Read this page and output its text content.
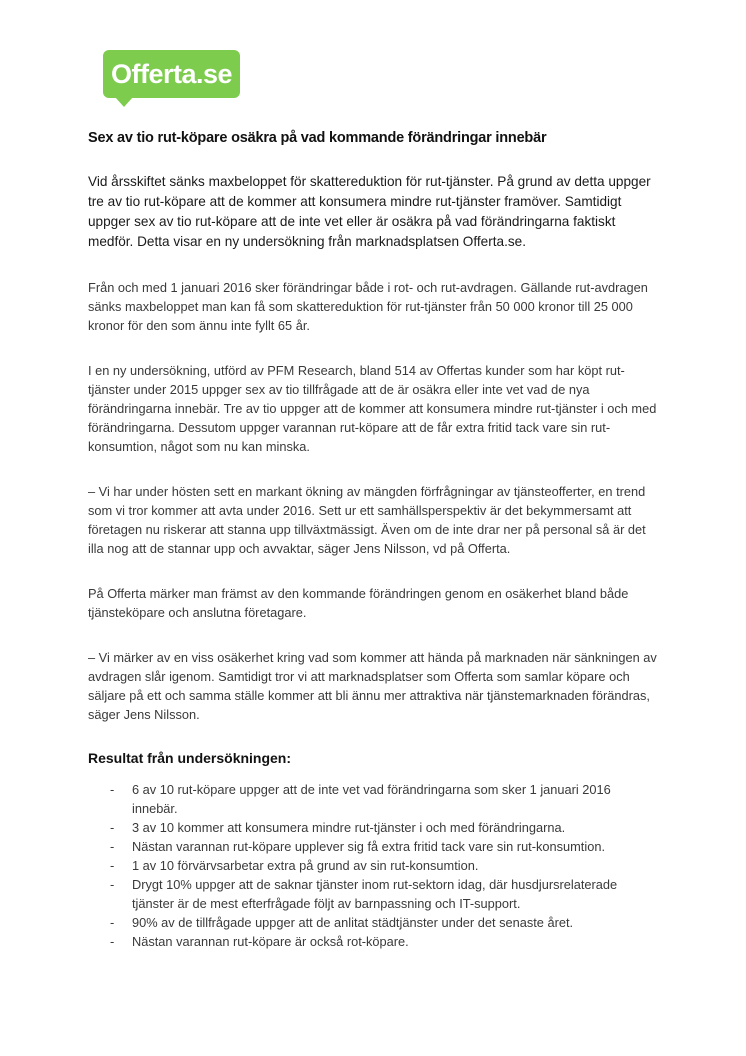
Offerta.se
Sex av tio rut-köpare osäkra på vad kommande förändringar innebär

Vid årsskiftet sänks maxbeloppet för skattereduktion för rut-tjänster. På grund av detta uppger tre av tio rut-köpare att de kommer att konsumera mindre rut-tjänster framöver. Samtidigt uppger sex av tio rut-köpare att de inte vet eller är osäkra på vad förändringarna faktiskt medför. Detta visar en ny undersökning från marknadsplatsen Offerta.se.

Från och med 1 januari 2016 sker förändringar både i rot- och rut-avdragen. Gällande rut-avdragen sänks maxbeloppet man kan få som skattereduktion för rut-tjänster från 50 000 kronor till 25 000 kronor för den som ännu inte fyllt 65 år.

I en ny undersökning, utförd av PFM Research, bland 514 av Offertas kunder som har köpt rut-tjänster under 2015 uppger sex av tio tillfrågade att de är osäkra eller inte vet vad de nya förändringarna innebär. Tre av tio uppger att de kommer att konsumera mindre rut-tjänster i och med förändringarna. Dessutom uppger varannan rut-köpare att de får extra fritid tack vare sin rut-konsumtion, något som nu kan minska.

– Vi har under hösten sett en markant ökning av mängden förfrågningar av tjänsteofferter, en trend som vi tror kommer att avta under 2016. Sett ur ett samhällsperspektiv är det bekymmersamt att företagen nu riskerar att stanna upp tillväxtmässigt. Även om de inte drar ner på personal så är det illa nog att de stannar upp och avvaktar, säger Jens Nilsson, vd på Offerta.

På Offerta märker man främst av den kommande förändringen genom en osäkerhet bland både tjänsteköpare och anslutna företagare.

– Vi märker av en viss osäkerhet kring vad som kommer att hända på marknaden när sänkningen av avdragen slår igenom. Samtidigt tror vi att marknadsplatser som Offerta som samlar köpare och säljare på ett och samma ställe kommer att bli ännu mer attraktiva när tjänstemarknaden förändras, säger Jens Nilsson.

Resultat från undersökningen:
- 6 av 10 rut-köpare uppger att de inte vet vad förändringarna som sker 1 januari 2016 innebär.
- 3 av 10 kommer att konsumera mindre rut-tjänster i och med förändringarna.
- Nästan varannan rut-köpare upplever sig få extra fritid tack vare sin rut-konsumtion.
- 1 av 10 förvärvsarbetar extra på grund av sin rut-konsumtion.
- Drygt 10% uppger att de saknar tjänster inom rut-sektorn idag, där husdjursrelaterade tjänster är de mest efterfrågade följt av barnpassning och IT-support.
- 90% av de tillfrågade uppger att de anlitat städtjänster under det senaste året.
- Nästan varannan rut-köpare är också rot-köpare.
